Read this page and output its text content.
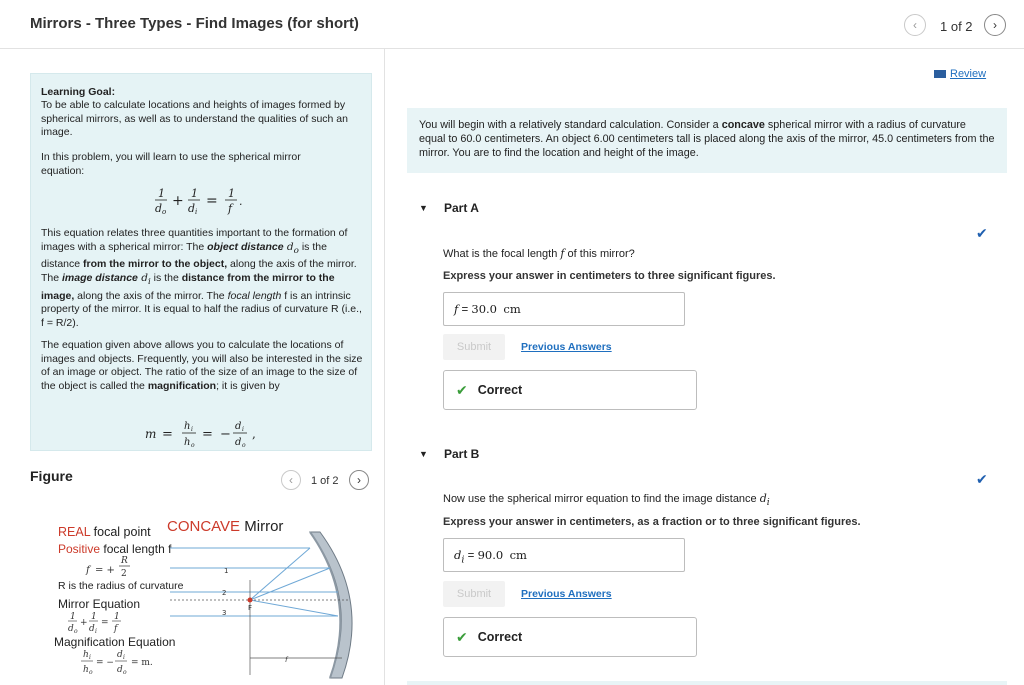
Mirrors - Three Types - Find Images (for short)	‹ 1 of 2 ›
Learning Goal:
To be able to calculate locations and heights of images formed by spherical mirrors, as well as to understand the qualities of such an image.
In this problem, you will learn to use the spherical mirror equation:
1
d o
+ 1
d i
= 1
f
.
This equation relates three quantities important to the formation of images with a spherical mirror: The object distance $d_o$ is the distance from the mirror to the object, along the axis of the mirror. The image distance $d_i$ is the distance from the mirror to the image, along the axis of the mirror. The focal length f is an intrinsic property of the mirror. It is equal to half the radius of curvature R (i.e., f = R/2).
The equation given above allows you to calculate the locations of images and objects. Frequently, you will also be interested in the size of an image or object. The ratio of the size of an image to the size of the object is called the magnification; it is given by
m =
h i
h o
= −
d i
d o
,
Figure	‹ 1 of 2 ›
REAL focal point CONCAVE Mirror
Positive focal length f
f = +
R
2
R is the radius of curvature
Mirror Equation
1
d o
+
1
d i
=
1
f
Magnification Equation
h i
h o
= −
d i
d o
= m.
1
2
3
F
f
Review
You will begin with a relatively standard calculation. Consider a concave spherical mirror with a radius of curvature equal to 60.0 centimeters. An object 6.00 centimeters tall is placed along the axis of the mirror, 45.0 centimeters from the mirror. You are to find the location and height of the image.
▼ Part A
✔
What is the focal length f of this mirror?
Express your answer in centimeters to three significant figures.
f = 30.0 cm
Submit	Previous Answers
✔ Correct
▼ Part B
✔
Now use the spherical mirror equation to find the image distance $d_i$
Express your answer in centimeters, as a fraction or to three significant figures.
$d_i = 90.0$ cm
Submit	Previous Answers
✔ Correct
